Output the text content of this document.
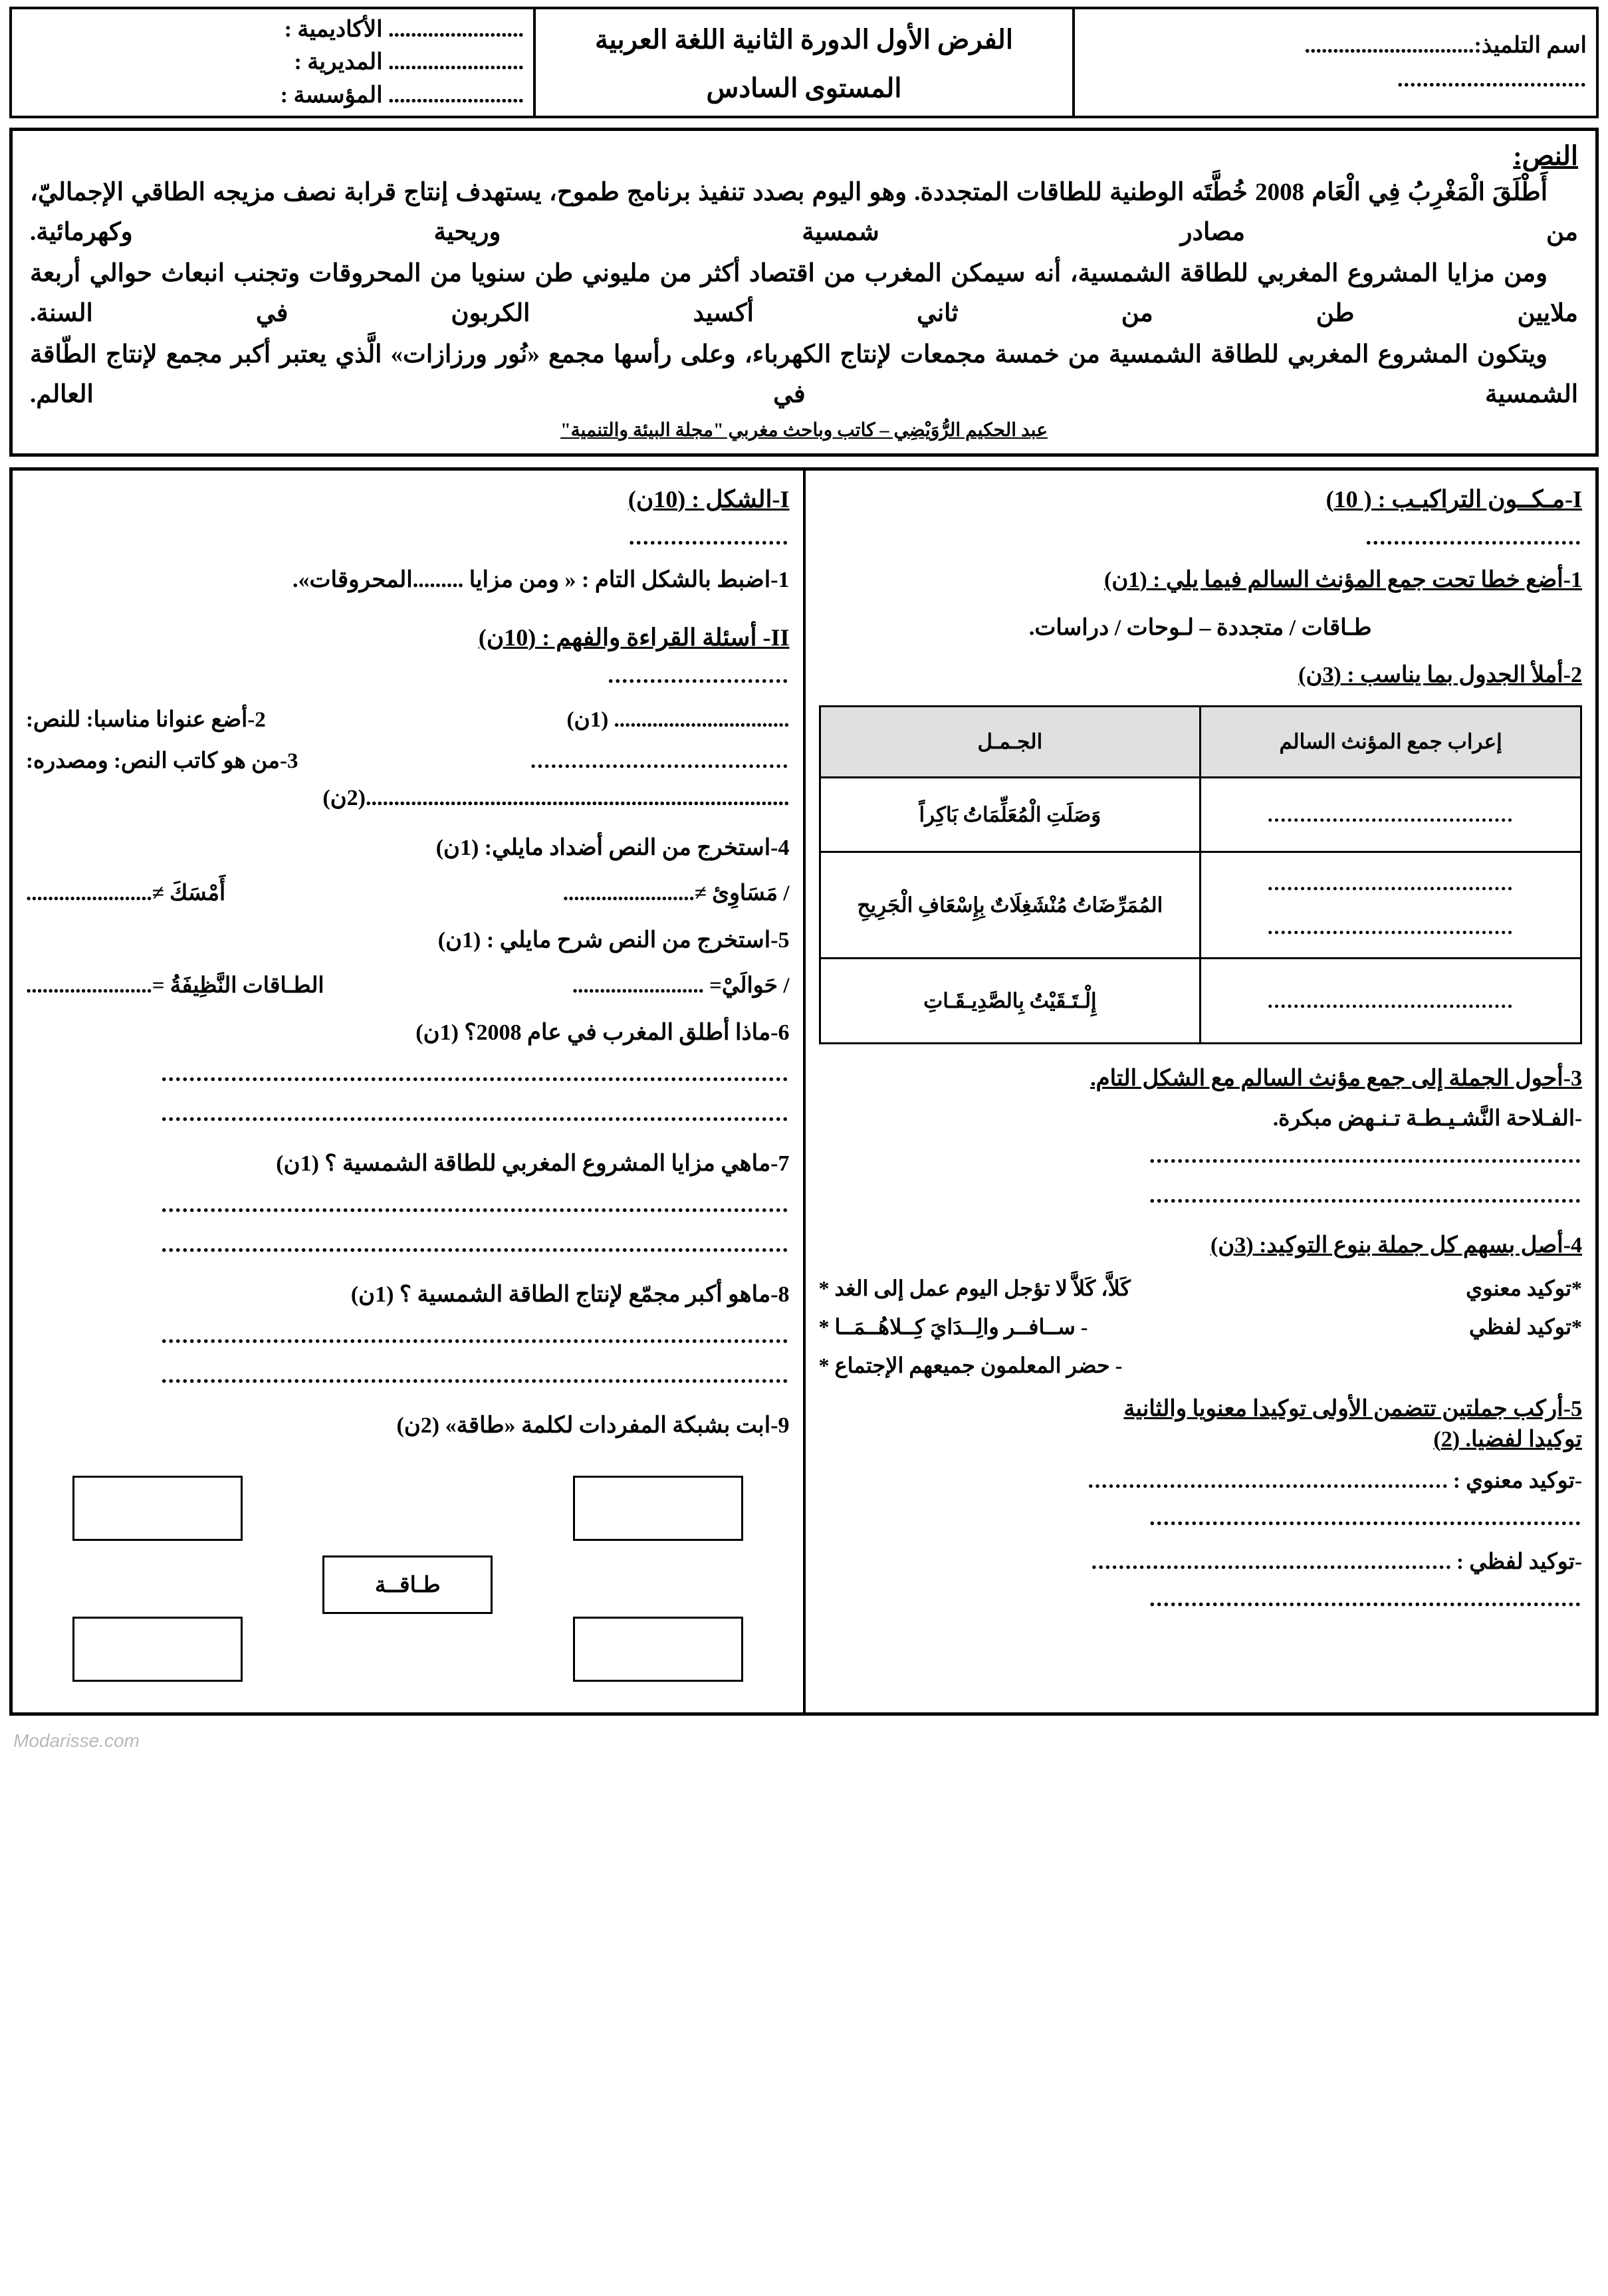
اسم التلميذ:..............................
..............................

الفرض الأول الدورة الثانية اللغة العربية
المستوى السادس

........................ الأكاديمية :
........................ المديرية :
........................ المؤسسة :
النص:

أَطْلَقَ الْمَغْرِبُ فِي الْعَام 2008 خُطَّتَه الوطنية للطاقات المتجددة. وهو اليوم بصدد تنفيذ برنامج طموح، يستهدف إنتاج قرابة نصف مزيجه الطاقي الإجماليّ، من مصادر شمسية وريحية وكهرمائية.

ومن مزايا المشروع المغربي للطاقة الشمسية، أنه سيمكن المغرب من اقتصاد أكثر من مليوني طن سنويا من المحروقات وتجنب انبعاث حوالي أربعة ملايين طن من ثاني أكسيد الكربون في السنة.

ويتكون المشروع المغربي للطاقة الشمسية من خمسة مجمعات لإنتاج الكهرباء، وعلى رأسها مجمع «نُور ورزازات» الَّذي يعتبر أكبر مجمع لإنتاج الطّاقة الشمسية في العالم.

عبد الحكيم الرُّوَيْضِي – كاتب وباحث مغربي "مجلة البيئة والتنمية"
I-مـكــون التراكيـب : ( 10)
...............................
1-أضع خطا تحت جمع المؤنث السالم فيما يلي : (1ن)
طـاقات / متجددة – لـوحات / دراسات.
2-أملأ الجدول بما يناسب : (3ن)
إعراب جمع المؤنث السالم	الجـمـل

......................................
	وَصَلَتِ الْمُعَلِّمَاتُ بَاكِراً

......................................
......................................
	المُمَرِّضَاتُ مُنْشَغِلَاتٌ بِإِسْعَافِ الْجَرِيحِ

......................................
	إِلْـتَـقَيْتُ بِالصَّدِيـقَـاتِ
3-أحول الجملة إلى جمع مؤنث السالم مع الشكل التام.
-الفـلاحة النَّشـيـطـة تـنـهض مبكرة.
..............................................................
..............................................................
4-أصل بسهم كل جملة بنوع التوكيد: (3ن)
*توكيد معنوي
كَلاَّ، كَلاَّ لا تؤجل اليوم عمل إلى الغد *
*توكيد لفظي
- ســافــر والِــدَايَ كِــلاهُــمَــا *
- حضر المعلمون جميعهم الإجتماع *
5-أركب جملتين تتضمن الأولى توكيدا معنويا والثانية
توكيدا لفضيا. (2)
-توكيد معنوي :
.....................................................
..............................................................
-توكيد لفظي :
.....................................................
..............................................................

I-الشكل : (10ن)
.......................
1-اضبط بالشكل التام : « ومن مزايا .........المحروقات».
II- أسئلة القراءة والفهم : (10ن)
..........................
................................ (1ن)
2-أضع عنوانا مناسبا: للنص:
......................................
3-من هو كاتب النص: ومصدره:
...........................................................................(2ن)
4-استخرج من النص أضداد مايلي: (1ن)
/ مَسَاوِئ ≠........................
أَمْسَكَ ≠.......................
5-استخرج من النص شرح مايلي : (1ن)
/ حَوالَيْ= ........................
الطـاقات النَّظِيفَةُ =.......................
6-ماذا أطلق المغرب في عام 2008؟ (1ن)
..........................................................................................
..........................................................................................
7-ماهي مزايا المشروع المغربي للطاقة الشمسية ؟ (1ن)
..........................................................................................
..........................................................................................
8-ماهو أكبر مجمّع لإنتاج الطاقة الشمسية ؟ (1ن)
..........................................................................................
..........................................................................................
9-ابت بشبكة المفردات لكلمة «طاقة» (2ن)
طـاقــة
Modarisse.com
